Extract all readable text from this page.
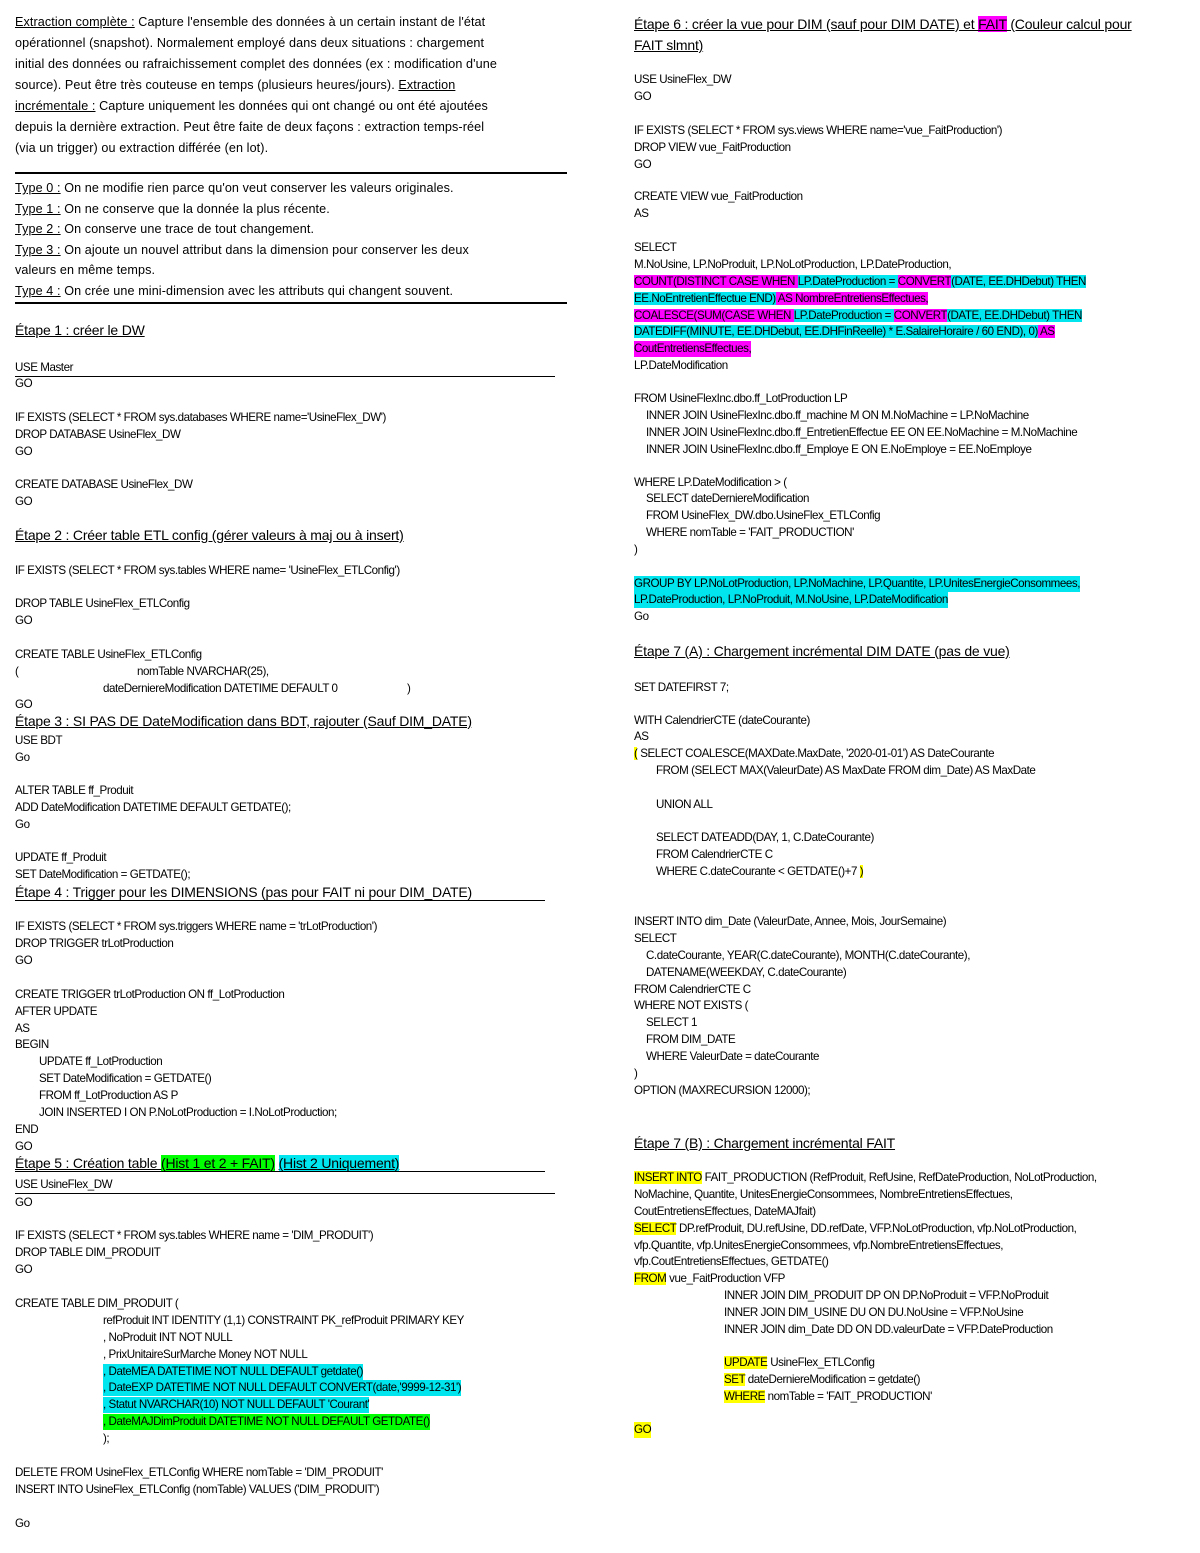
Extraction complète : Capture l'ensemble des données à un certain instant de l'état
opérationnel (snapshot). Normalement employé dans deux situations : chargement
initial des données ou rafraichissement complet des données (ex : modification d'une
source). Peut être très couteuse en temps (plusieurs heures/jours). Extraction
incrémentale : Capture uniquement les données qui ont changé ou ont été ajoutées
depuis la dernière extraction. Peut être faite de deux façons : extraction temps-réel
(via un trigger) ou extraction différée (en lot).
Type 0 : On ne modifie rien parce qu'on veut conserver les valeurs originales.
Type 1 : On ne conserve que la donnée la plus récente.
Type 2 : On conserve une trace de tout changement.
Type 3 : On ajoute un nouvel attribut dans la dimension pour conserver les deux
valeurs en même temps.
Type 4 : On crée une mini-dimension avec les attributs qui changent souvent.
Étape 1 : créer le DW
USE Master
GO
IF EXISTS (SELECT * FROM sys.databases WHERE name='UsineFlex_DW')
DROP DATABASE UsineFlex_DW
GO
CREATE DATABASE UsineFlex_DW
GO
Étape 2 : Créer table ETL config (gérer valeurs à maj ou à insert)
IF EXISTS (SELECT * FROM sys.tables WHERE name= 'UsineFlex_ETLConfig')
DROP TABLE UsineFlex_ETLConfig
GO
CREATE TABLE UsineFlex_ETLConfig
(	nomTable NVARCHAR(25),
dateDerniereModification DATETIME DEFAULT 0	)
GO
Étape 3 : SI PAS DE DateModification dans BDT, rajouter (Sauf DIM_DATE)
USE BDT
Go
ALTER TABLE ff_Produit
ADD DateModification DATETIME DEFAULT GETDATE();
Go
UPDATE ff_Produit
SET DateModification = GETDATE();
Étape 4 : Trigger pour les DIMENSIONS (pas pour FAIT ni pour DIM_DATE)
IF EXISTS (SELECT * FROM sys.triggers WHERE name = 'trLotProduction')
DROP TRIGGER trLotProduction
GO
CREATE TRIGGER trLotProduction ON ff_LotProduction
AFTER UPDATE
AS
BEGIN
UPDATE ff_LotProduction
SET DateModification = GETDATE()
FROM ff_LotProduction AS P
JOIN INSERTED I ON P.NoLotProduction = I.NoLotProduction;
END
GO
Étape 5 : Création table (Hist 1 et 2 + FAIT) (Hist 2 Uniquement)
USE UsineFlex_DW
GO
IF EXISTS (SELECT * FROM sys.tables WHERE name = 'DIM_PRODUIT')
DROP TABLE DIM_PRODUIT
GO
CREATE TABLE DIM_PRODUIT (
refProduit INT IDENTITY (1,1) CONSTRAINT PK_refProduit PRIMARY KEY
, NoProduit INT NOT NULL
, PrixUnitaireSurMarche Money NOT NULL
, DateMEA DATETIME NOT NULL DEFAULT getdate()
, DateEXP DATETIME NOT NULL DEFAULT CONVERT(date,'9999-12-31')
, Statut NVARCHAR(10) NOT NULL DEFAULT 'Courant'
, DateMAJDimProduit DATETIME NOT NULL DEFAULT GETDATE()
);
DELETE FROM UsineFlex_ETLConfig WHERE nomTable = 'DIM_PRODUIT'
INSERT INTO UsineFlex_ETLConfig (nomTable) VALUES ('DIM_PRODUIT')
Go
Étape 6 : créer la vue pour DIM (sauf pour DIM DATE) et FAIT (Couleur calcul pour
FAIT slmnt)
USE UsineFlex_DW
GO
IF EXISTS (SELECT * FROM sys.views WHERE name='vue_FaitProduction')
DROP VIEW vue_FaitProduction
GO
CREATE VIEW vue_FaitProduction
AS
SELECT
M.NoUsine, LP.NoProduit, LP.NoLotProduction, LP.DateProduction,
COUNT(DISTINCT CASE WHEN LP.DateProduction = CONVERT(DATE, EE.DHDebut) THEN
EE.NoEntretienEffectue END) AS NombreEntretiensEffectues,
COALESCE(SUM(CASE WHEN LP.DateProduction = CONVERT(DATE, EE.DHDebut) THEN
DATEDIFF(MINUTE, EE.DHDebut, EE.DHFinReelle) * E.SalaireHoraire / 60 END), 0) AS
CoutEntretiensEffectues,
LP.DateModification
FROM UsineFlexInc.dbo.ff_LotProduction LP
INNER JOIN UsineFlexInc.dbo.ff_machine M ON M.NoMachine = LP.NoMachine
INNER JOIN UsineFlexInc.dbo.ff_EntretienEffectue EE ON EE.NoMachine = M.NoMachine
INNER JOIN UsineFlexInc.dbo.ff_Employe E ON E.NoEmploye = EE.NoEmploye
WHERE LP.DateModification > (
SELECT dateDerniereModification
FROM UsineFlex_DW.dbo.UsineFlex_ETLConfig
WHERE nomTable = 'FAIT_PRODUCTION'
)
GROUP BY LP.NoLotProduction, LP.NoMachine, LP.Quantite, LP.UnitesEnergieConsommees,
LP.DateProduction, LP.NoProduit, M.NoUsine, LP.DateModification
Go
Étape 7 (A) : Chargement incrémental DIM DATE (pas de vue)
SET DATEFIRST 7;
WITH CalendrierCTE (dateCourante)
AS
( SELECT COALESCE(MAXDate.MaxDate, '2020-01-01') AS DateCourante
FROM (SELECT MAX(ValeurDate) AS MaxDate FROM dim_Date) AS MaxDate
UNION ALL
SELECT DATEADD(DAY, 1, C.DateCourante)
FROM CalendrierCTE C
WHERE C.dateCourante < GETDATE()+7 )
INSERT INTO dim_Date (ValeurDate, Annee, Mois, JourSemaine)
SELECT
C.dateCourante, YEAR(C.dateCourante), MONTH(C.dateCourante),
DATENAME(WEEKDAY, C.dateCourante)
FROM CalendrierCTE C
WHERE NOT EXISTS (
SELECT 1
FROM DIM_DATE
WHERE ValeurDate = dateCourante
)
OPTION (MAXRECURSION 12000);
Étape 7 (B) : Chargement incrémental FAIT
INSERT INTO FAIT_PRODUCTION (RefProduit, RefUsine, RefDateProduction, NoLotProduction,
NoMachine, Quantite, UnitesEnergieConsommees, NombreEntretiensEffectues,
CoutEntretiensEffectues, DateMAJfait)
SELECT DP.refProduit, DU.refUsine, DD.refDate, VFP.NoLotProduction, vfp.NoLotProduction,
vfp.Quantite, vfp.UnitesEnergieConsommees, vfp.NombreEntretiensEffectues,
vfp.CoutEntretiensEffectues, GETDATE()
FROM vue_FaitProduction VFP
INNER JOIN DIM_PRODUIT DP ON DP.NoProduit = VFP.NoProduit
INNER JOIN DIM_USINE DU ON DU.NoUsine = VFP.NoUsine
INNER JOIN dim_Date DD ON DD.valeurDate = VFP.DateProduction
UPDATE UsineFlex_ETLConfig
SET dateDerniereModification = getdate()
WHERE nomTable = 'FAIT_PRODUCTION'
GO
